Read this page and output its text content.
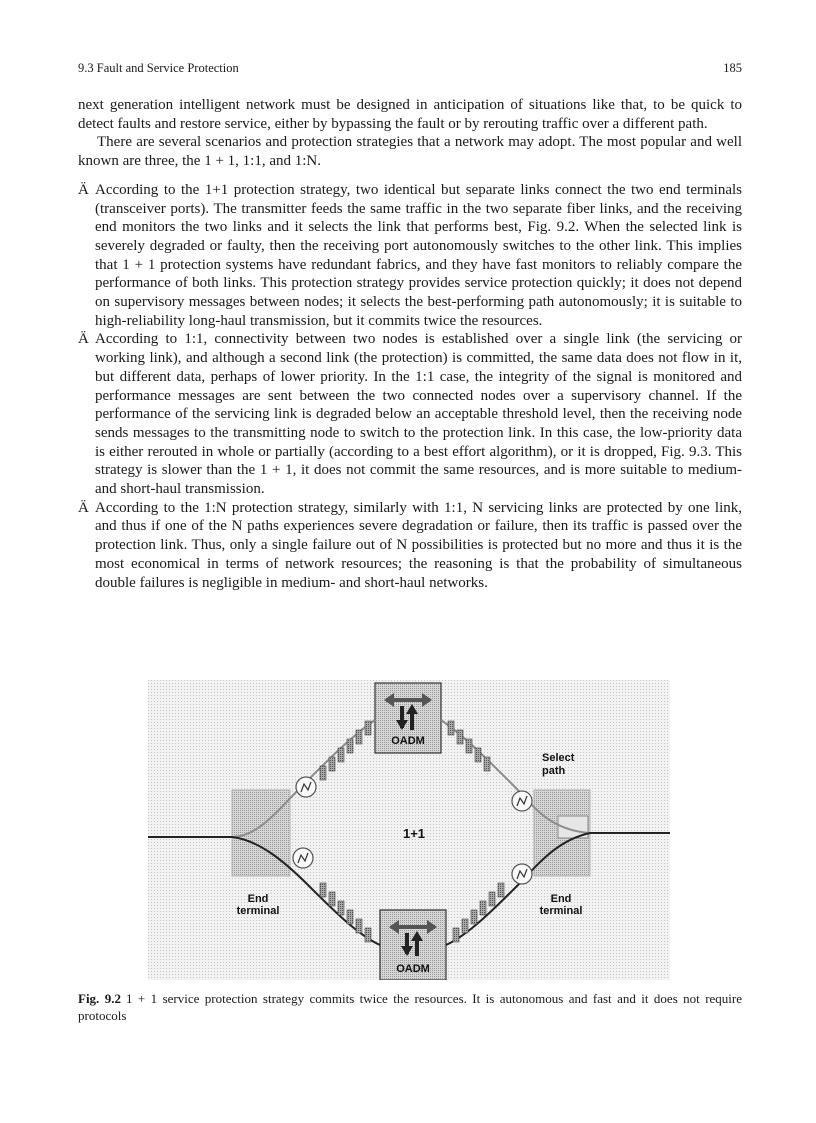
9.3 Fault and Service Protection	185

next generation intelligent network must be designed in anticipation of situations like that, to be quick to detect faults and restore service, either by bypassing the fault or by rerouting traffic over a different path.

There are several scenarios and protection strategies that a network may adopt. The most popular and well known are three, the 1 + 1, 1:1, and 1:N.

Ä According to the 1+1 protection strategy, two identical but separate links connect the two end terminals (transceiver ports). The transmitter feeds the same traffic in the two separate fiber links, and the receiving end monitors the two links and it selects the link that performs best, Fig. 9.2. When the selected link is severely degraded or faulty, then the receiving port autonomously switches to the other link. This implies that 1 + 1 protection systems have redundant fabrics, and they have fast monitors to reliably compare the performance of both links. This protection strategy provides service protection quickly; it does not depend on supervisory messages between nodes; it selects the best-performing path autonomously; it is suitable to high-reliability long-haul transmission, but it commits twice the resources.
Ä According to 1:1, connectivity between two nodes is established over a single link (the servicing or working link), and although a second link (the protection) is committed, the same data does not flow in it, but different data, perhaps of lower priority. In the 1:1 case, the integrity of the signal is monitored and performance messages are sent between the two connected nodes over a supervisory channel. If the performance of the servicing link is degraded below an acceptable threshold level, then the receiving node sends messages to the transmitting node to switch to the protection link. In this case, the low-priority data is either rerouted in whole or partially (according to a best effort algorithm), or it is dropped, Fig. 9.3. This strategy is slower than the 1 + 1, it does not commit the same resources, and is more suitable to medium- and short-haul transmission.
Ä According to the 1:N protection strategy, similarly with 1:1, N servicing links are protected by one link, and thus if one of the N paths experiences severe degradation or failure, then its traffic is passed over the protection link. Thus, only a single failure out of N possibilities is protected but no more and thus it is the most economical in terms of network resources; the reasoning is that the probability of simultaneous double failures is negligible in medium- and short-haul networks.
OADM
OADM
Select
path
1+1
End
terminal
End
terminal
Fig. 9.2 1 + 1 service protection strategy commits twice the resources. It is autonomous and fast and it does not require protocols
